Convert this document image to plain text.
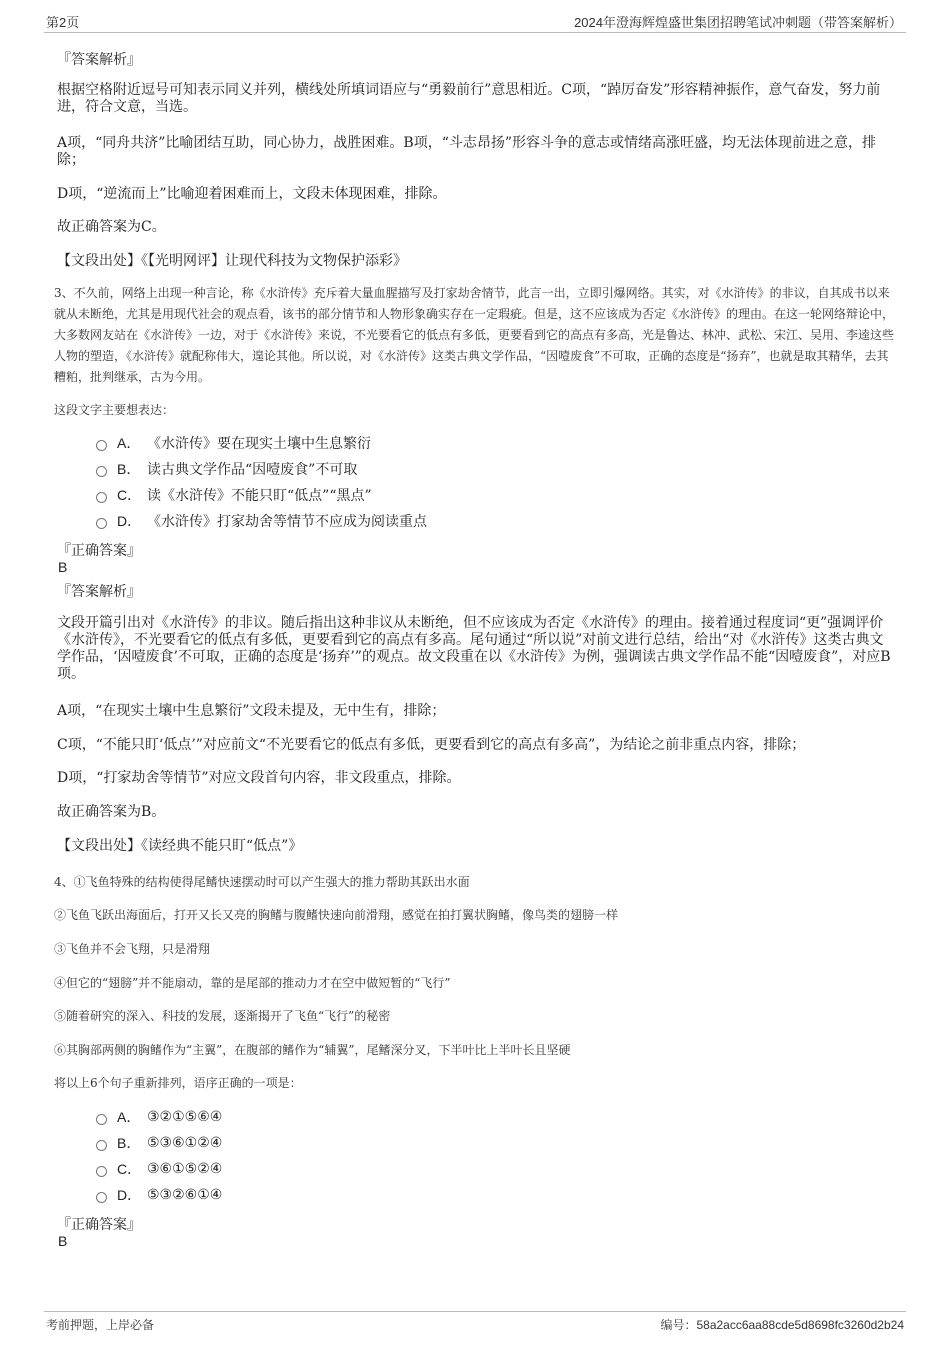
第2页	2024年澄海辉煌盛世集团招聘笔试冲刺题（带答案解析）
『答案解析』

根据空格附近逗号可知表示同义并列，横线处所填词语应与“勇毅前行”意思相近。C项，“踔厉奋发”形容精神振作，意气奋发，努力前进，符合文意，当选。

A项，“同舟共济”比喻团结互助，同心协力，战胜困难。B项，“斗志昂扬”形容斗争的意志或情绪高涨旺盛，均无法体现前进之意，排除；

D项，“逆流而上”比喻迎着困难而上，文段未体现困难，排除。

故正确答案为C。

【文段出处】《【光明网评】让现代科技为文物保护添彩》

3、不久前，网络上出现一种言论，称《水浒传》充斥着大量血腥描写及打家劫舍情节，此言一出，立即引爆网络。其实，对《水浒传》的非议，自其成书以来就从未断绝，尤其是用现代社会的观点看，该书的部分情节和人物形象确实存在一定瑕疵。但是，这不应该成为否定《水浒传》的理由。在这一轮网络辩论中，大多数网友站在《水浒传》一边，对于《水浒传》来说，不光要看它的低点有多低，更要看到它的高点有多高，光是鲁达、林冲、武松、宋江、吴用、李逵这些人物的塑造，《水浒传》就配称伟大，遑论其他。所以说，对《水浒传》这类古典文学作品，“因噎废食”不可取，正确的态度是“扬弃”，也就是取其精华，去其糟粕，批判继承，古为今用。

这段文字主要想表达：

A． 《水浒传》要在现实土壤中生息繁衍
B． 读古典文学作品“因噎废食”不可取
C． 读《水浒传》不能只盯“低点”“黑点”
D． 《水浒传》打家劫舍等情节不应成为阅读重点
『正确答案』
B
『答案解析』

文段开篇引出对《水浒传》的非议。随后指出这种非议从未断绝，但不应该成为否定《水浒传》的理由。接着通过程度词“更”强调评价《水浒传》，不光要看它的低点有多低，更要看到它的高点有多高。尾句通过“所以说”对前文进行总结，给出“对《水浒传》这类古典文学作品，‘因噎废食’不可取，正确的态度是‘扬弃’”的观点。故文段重在以《水浒传》为例，强调读古典文学作品不能“因噎废食”，对应B项。

A项，“在现实土壤中生息繁衍”文段未提及，无中生有，排除；

C项，“不能只盯‘低点’”对应前文“不光要看它的低点有多低，更要看到它的高点有多高”，为结论之前非重点内容，排除；

D项，“打家劫舍等情节”对应文段首句内容，非文段重点，排除。

故正确答案为B。

【文段出处】《读经典不能只盯“低点”》

4、①飞鱼特殊的结构使得尾鳍快速摆动时可以产生强大的推力帮助其跃出水面

②飞鱼飞跃出海面后，打开又长又亮的胸鳍与腹鳍快速向前滑翔，感觉在拍打翼状胸鳍，像鸟类的翅膀一样

③飞鱼并不会飞翔，只是滑翔

④但它的“翅膀”并不能扇动，靠的是尾部的推动力才在空中做短暂的“飞行”

⑤随着研究的深入、科技的发展，逐渐揭开了飞鱼“飞行”的秘密

⑥其胸部两侧的胸鳍作为“主翼”，在腹部的鳍作为“辅翼”，尾鳍深分叉，下半叶比上半叶长且坚硬

将以上6个句子重新排列，语序正确的一项是：

A． ③②①⑤⑥④
B． ⑤③⑥①②④
C． ③⑥①⑤②④
D． ⑤③②⑥①④
『正确答案』
B
考前押题，上岸必备	编号：58a2acc6aa88cde5d8698fc3260d2b24
